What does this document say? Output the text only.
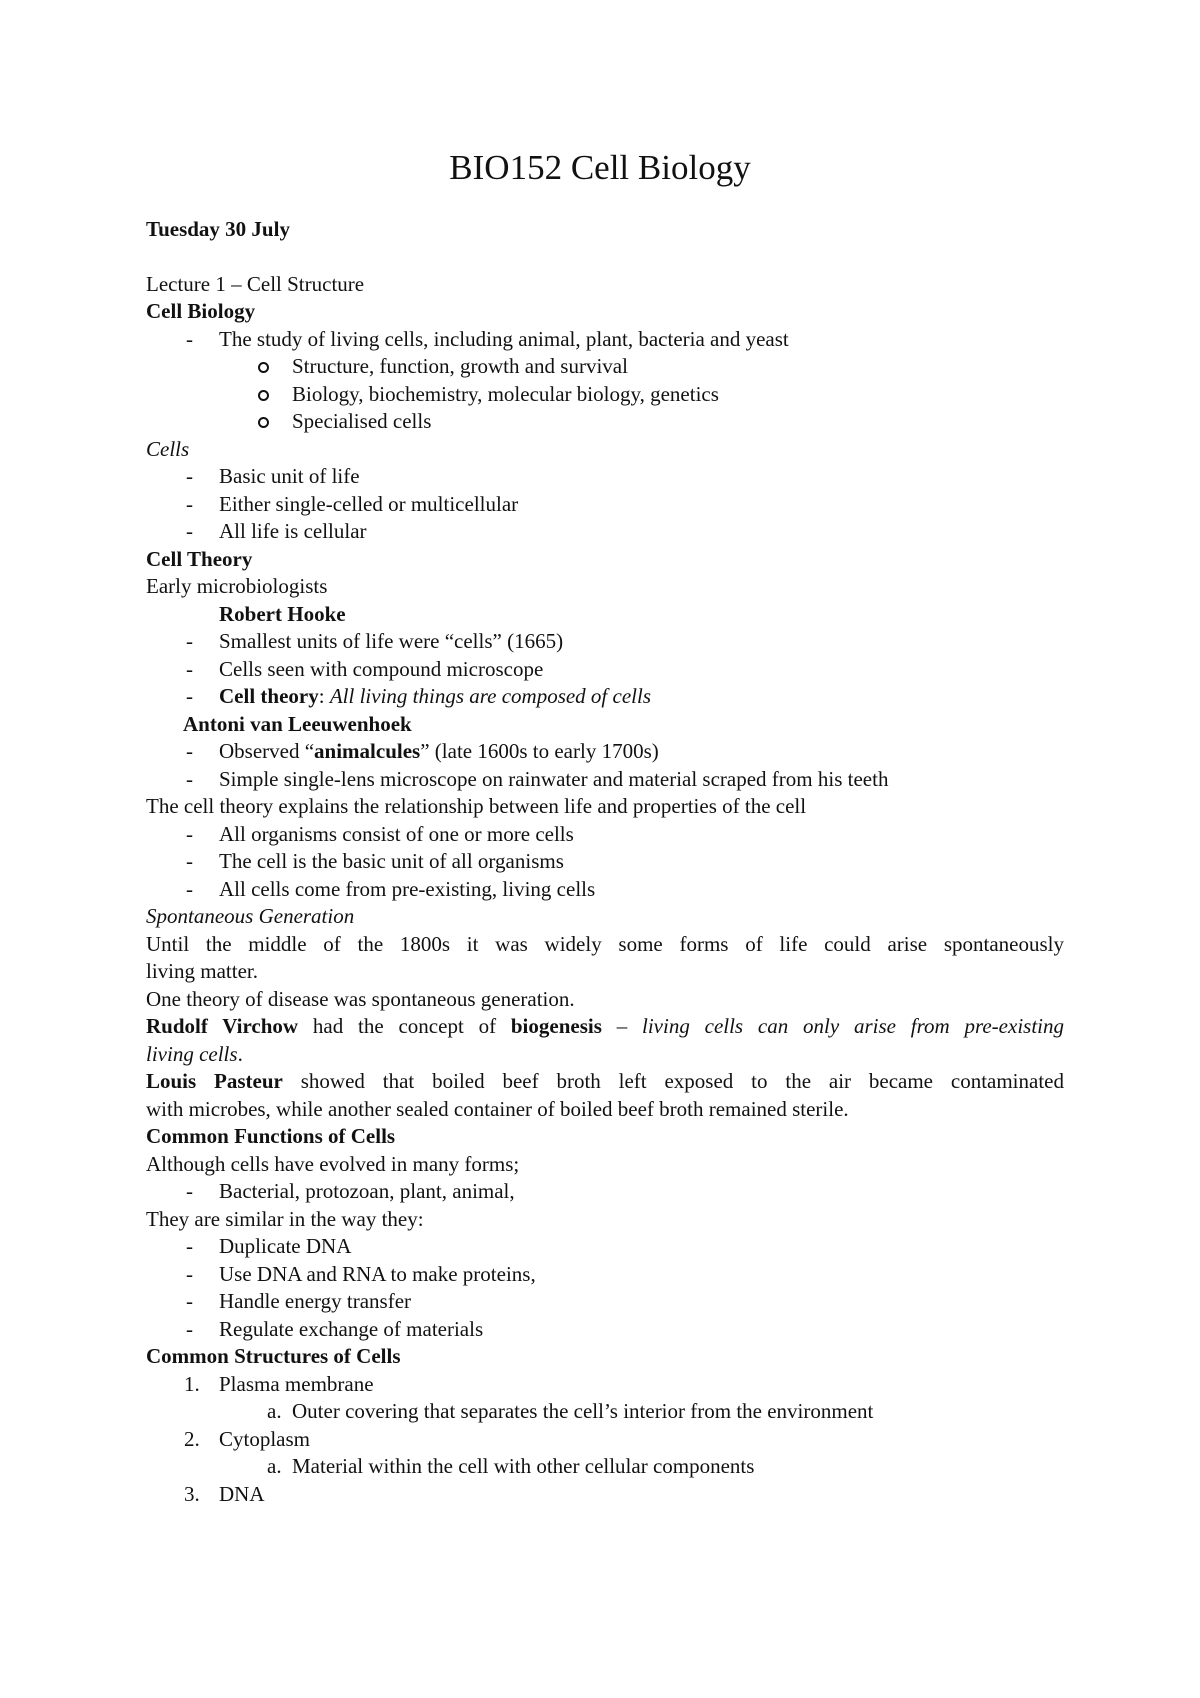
BIO152 Cell Biology
Tuesday 30 July
Lecture 1 – Cell Structure
Cell Biology
- The study of living cells, including animal, plant, bacteria and yeast
Structure, function, growth and survival
Biology, biochemistry, molecular biology, genetics
Specialised cells
Cells
- Basic unit of life
- Either single-celled or multicellular
- All life is cellular
Cell Theory
Early microbiologists
Robert Hooke
- Smallest units of life were “cells” (1665)
- Cells seen with compound microscope
- Cell theory: All living things are composed of cells
Antoni van Leeuwenhoek
- Observed “animalcules” (late 1600s to early 1700s)
- Simple single-lens microscope on rainwater and material scraped from his teeth
The cell theory explains the relationship between life and properties of the cell
- All organisms consist of one or more cells
- The cell is the basic unit of all organisms
- All cells come from pre-existing, living cells
Spontaneous Generation
Until the middle of the 1800s it was widely some forms of life could arise spontaneously
living matter.
One theory of disease was spontaneous generation.
Rudolf Virchow had the concept of biogenesis – living cells can only arise from pre-existing
living cells.
Louis Pasteur showed that boiled beef broth left exposed to the air became contaminated
with microbes, while another sealed container of boiled beef broth remained sterile.
Common Functions of Cells
Although cells have evolved in many forms;
- Bacterial, protozoan, plant, animal,
They are similar in the way they:
- Duplicate DNA
- Use DNA and RNA to make proteins,
- Handle energy transfer
- Regulate exchange of materials
Common Structures of Cells
1. Plasma membrane
a. Outer covering that separates the cell’s interior from the environment
2. Cytoplasm
a. Material within the cell with other cellular components
3. DNA
